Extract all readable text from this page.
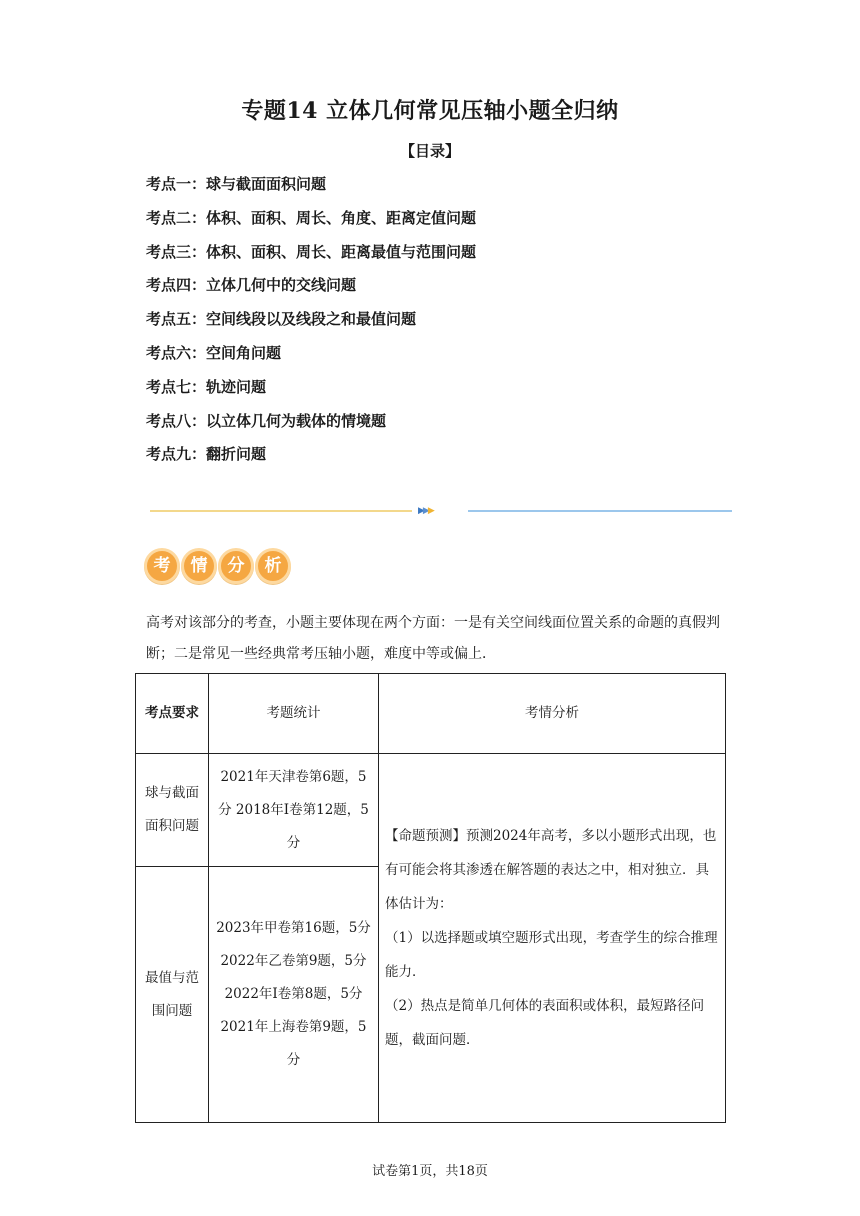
专题14 立体几何常见压轴小题全归纳
【目录】
考点一：球与截面面积问题
考点二：体积、面积、周长、角度、距离定值问题
考点三：体积、面积、周长、距离最值与范围问题
考点四：立体几何中的交线问题
考点五：空间线段以及线段之和最值问题
考点六：空间角问题
考点七：轨迹问题
考点八：以立体几何为载体的情境题
考点九：翻折问题
▶▶▶
考	情	分	析
高考对该部分的考查，小题主要体现在两个方面：一是有关空间线面位置关系的命题的真假判断；二是常见一些经典常考压轴小题，难度中等或偏上．
考点要求	考题统计	考情分析
球与截面面积问题	2021年天津卷第6题，5分 2018年I卷第12题，5分	【命题预测】预测2024年高考，多以小题形式出现，也有可能会将其渗透在解答题的表达之中，相对独立．具体估计为：
（1）以选择题或填空题形式出现，考查学生的综合推理能力．
（2）热点是简单几何体的表面积或体积，最短路径问题，截面问题．

最值与范围问题	2023年甲卷第16题，5分 2022年乙卷第9题，5分
2022年I卷第8题，5分
2021年上海卷第9题，5分	
试卷第1页，共18页
